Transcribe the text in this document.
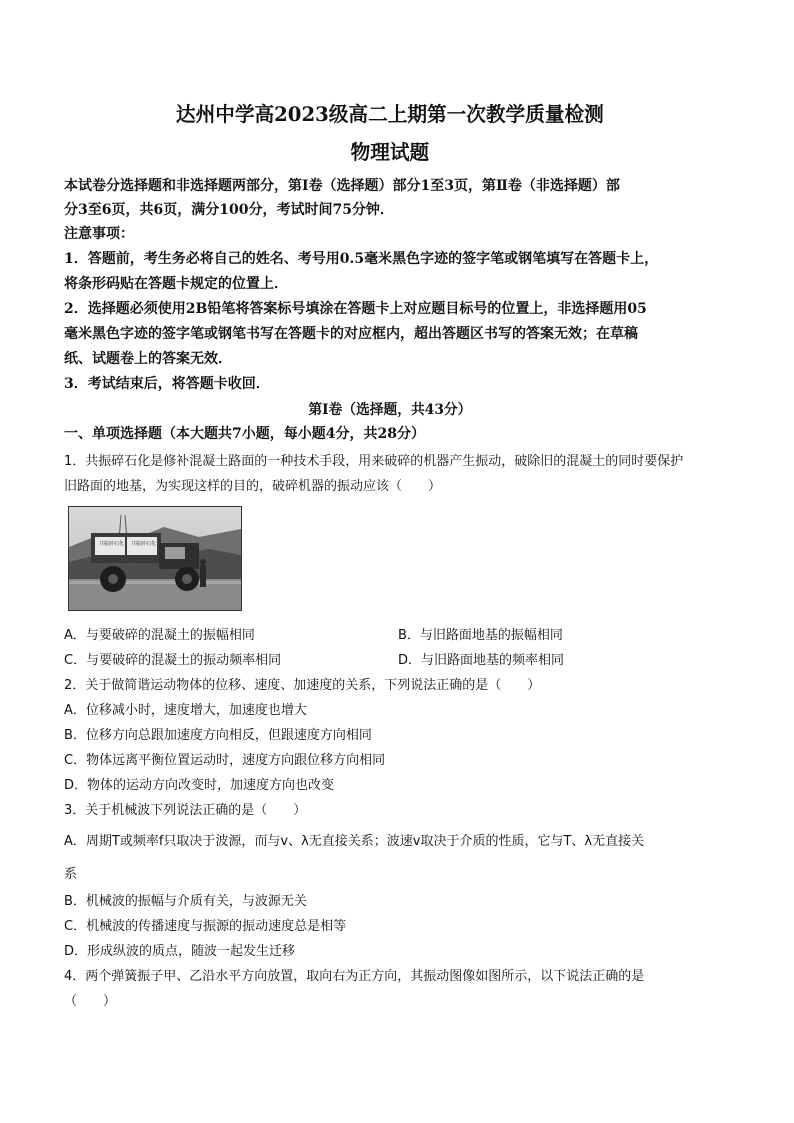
达州中学高2023级高二上期第一次教学质量检测
物理试题
本试卷分选择题和非选择题两部分，第Ⅰ卷（选择题）部分1至3页，第Ⅱ卷（非选择题）部
分3至6页，共6页，满分100分，考试时间75分钟．
注意事项：
1．答题前，考生务必将自己的姓名、考号用0.5毫米黑色字迹的签字笔或钢笔填写在答题卡上，
将条形码贴在答题卡规定的位置上．
2．选择题必须使用2B铅笔将答案标号填涂在答题卡上对应题目标号的位置上，非选择题用05
毫米黑色字迹的签字笔或钢笔书写在答题卡的对应框内，超出答题区书写的答案无效；在草稿
纸、试题卷上的答案无效．
3．考试结束后，将答题卡收回．
第Ⅰ卷（选择题，共43分）
一、单项选择题（本大题共7小题，每小题4分，共28分）
1．共振碎石化是修补混凝土路面的一种技术手段，用来破碎的机器产生振动，破除旧的混凝土的同时要保护
旧路面的地基，为实现这样的目的，破碎机器的振动应该（　　）
共振碎石化 共振碎石化
A．与要破碎的混凝土的振幅相同	B．与旧路面地基的振幅相同
C．与要破碎的混凝土的振动频率相同	D．与旧路面地基的频率相同
2．关于做简谐运动物体的位移、速度、加速度的关系，下列说法正确的是（　　）
A．位移减小时，速度增大，加速度也增大
B．位移方向总跟加速度方向相反，但跟速度方向相同
C．物体远离平衡位置运动时，速度方向跟位移方向相同
D．物体的运动方向改变时，加速度方向也改变
3．关于机械波下列说法正确的是（　　）
A．周期T或频率f只取决于波源，而与v、λ无直接关系；波速v取决于介质的性质，它与T、λ无直接关
系
B．机械波的振幅与介质有关，与波源无关
C．机械波的传播速度与振源的振动速度总是相等
D．形成纵波的质点，随波一起发生迁移
4．两个弹簧振子甲、乙沿水平方向放置，取向右为正方向，其振动图像如图所示，以下说法正确的是
（　　）
